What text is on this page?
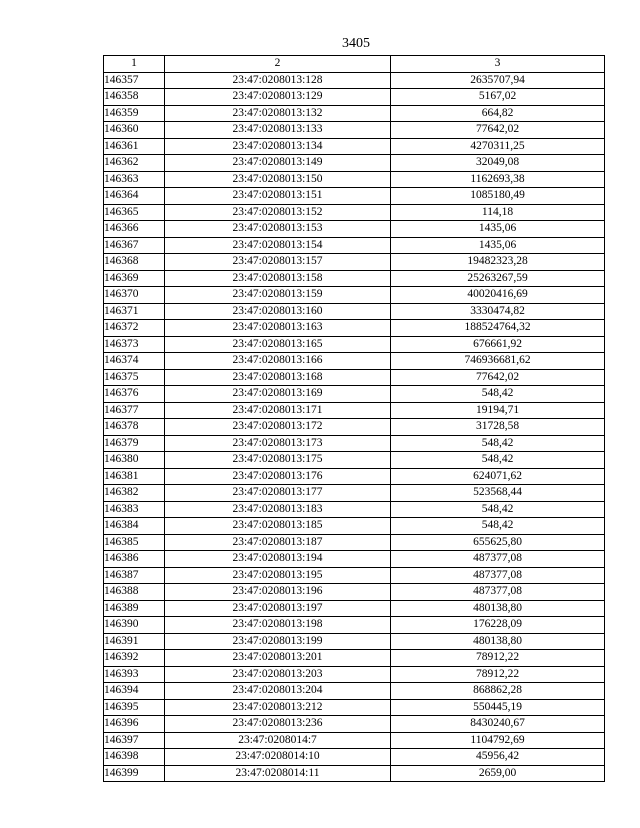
3405
1	2	3
146357	23:47:0208013:128	2635707,94
146358	23:47:0208013:129	5167,02
146359	23:47:0208013:132	664,82
146360	23:47:0208013:133	77642,02
146361	23:47:0208013:134	4270311,25
146362	23:47:0208013:149	32049,08
146363	23:47:0208013:150	1162693,38
146364	23:47:0208013:151	1085180,49
146365	23:47:0208013:152	114,18
146366	23:47:0208013:153	1435,06
146367	23:47:0208013:154	1435,06
146368	23:47:0208013:157	19482323,28
146369	23:47:0208013:158	25263267,59
146370	23:47:0208013:159	40020416,69
146371	23:47:0208013:160	3330474,82
146372	23:47:0208013:163	188524764,32
146373	23:47:0208013:165	676661,92
146374	23:47:0208013:166	746936681,62
146375	23:47:0208013:168	77642,02
146376	23:47:0208013:169	548,42
146377	23:47:0208013:171	19194,71
146378	23:47:0208013:172	31728,58
146379	23:47:0208013:173	548,42
146380	23:47:0208013:175	548,42
146381	23:47:0208013:176	624071,62
146382	23:47:0208013:177	523568,44
146383	23:47:0208013:183	548,42
146384	23:47:0208013:185	548,42
146385	23:47:0208013:187	655625,80
146386	23:47:0208013:194	487377,08
146387	23:47:0208013:195	487377,08
146388	23:47:0208013:196	487377,08
146389	23:47:0208013:197	480138,80
146390	23:47:0208013:198	176228,09
146391	23:47:0208013:199	480138,80
146392	23:47:0208013:201	78912,22
146393	23:47:0208013:203	78912,22
146394	23:47:0208013:204	868862,28
146395	23:47:0208013:212	550445,19
146396	23:47:0208013:236	8430240,67
146397	23:47:0208014:7	1104792,69
146398	23:47:0208014:10	45956,42
146399	23:47:0208014:11	2659,00
